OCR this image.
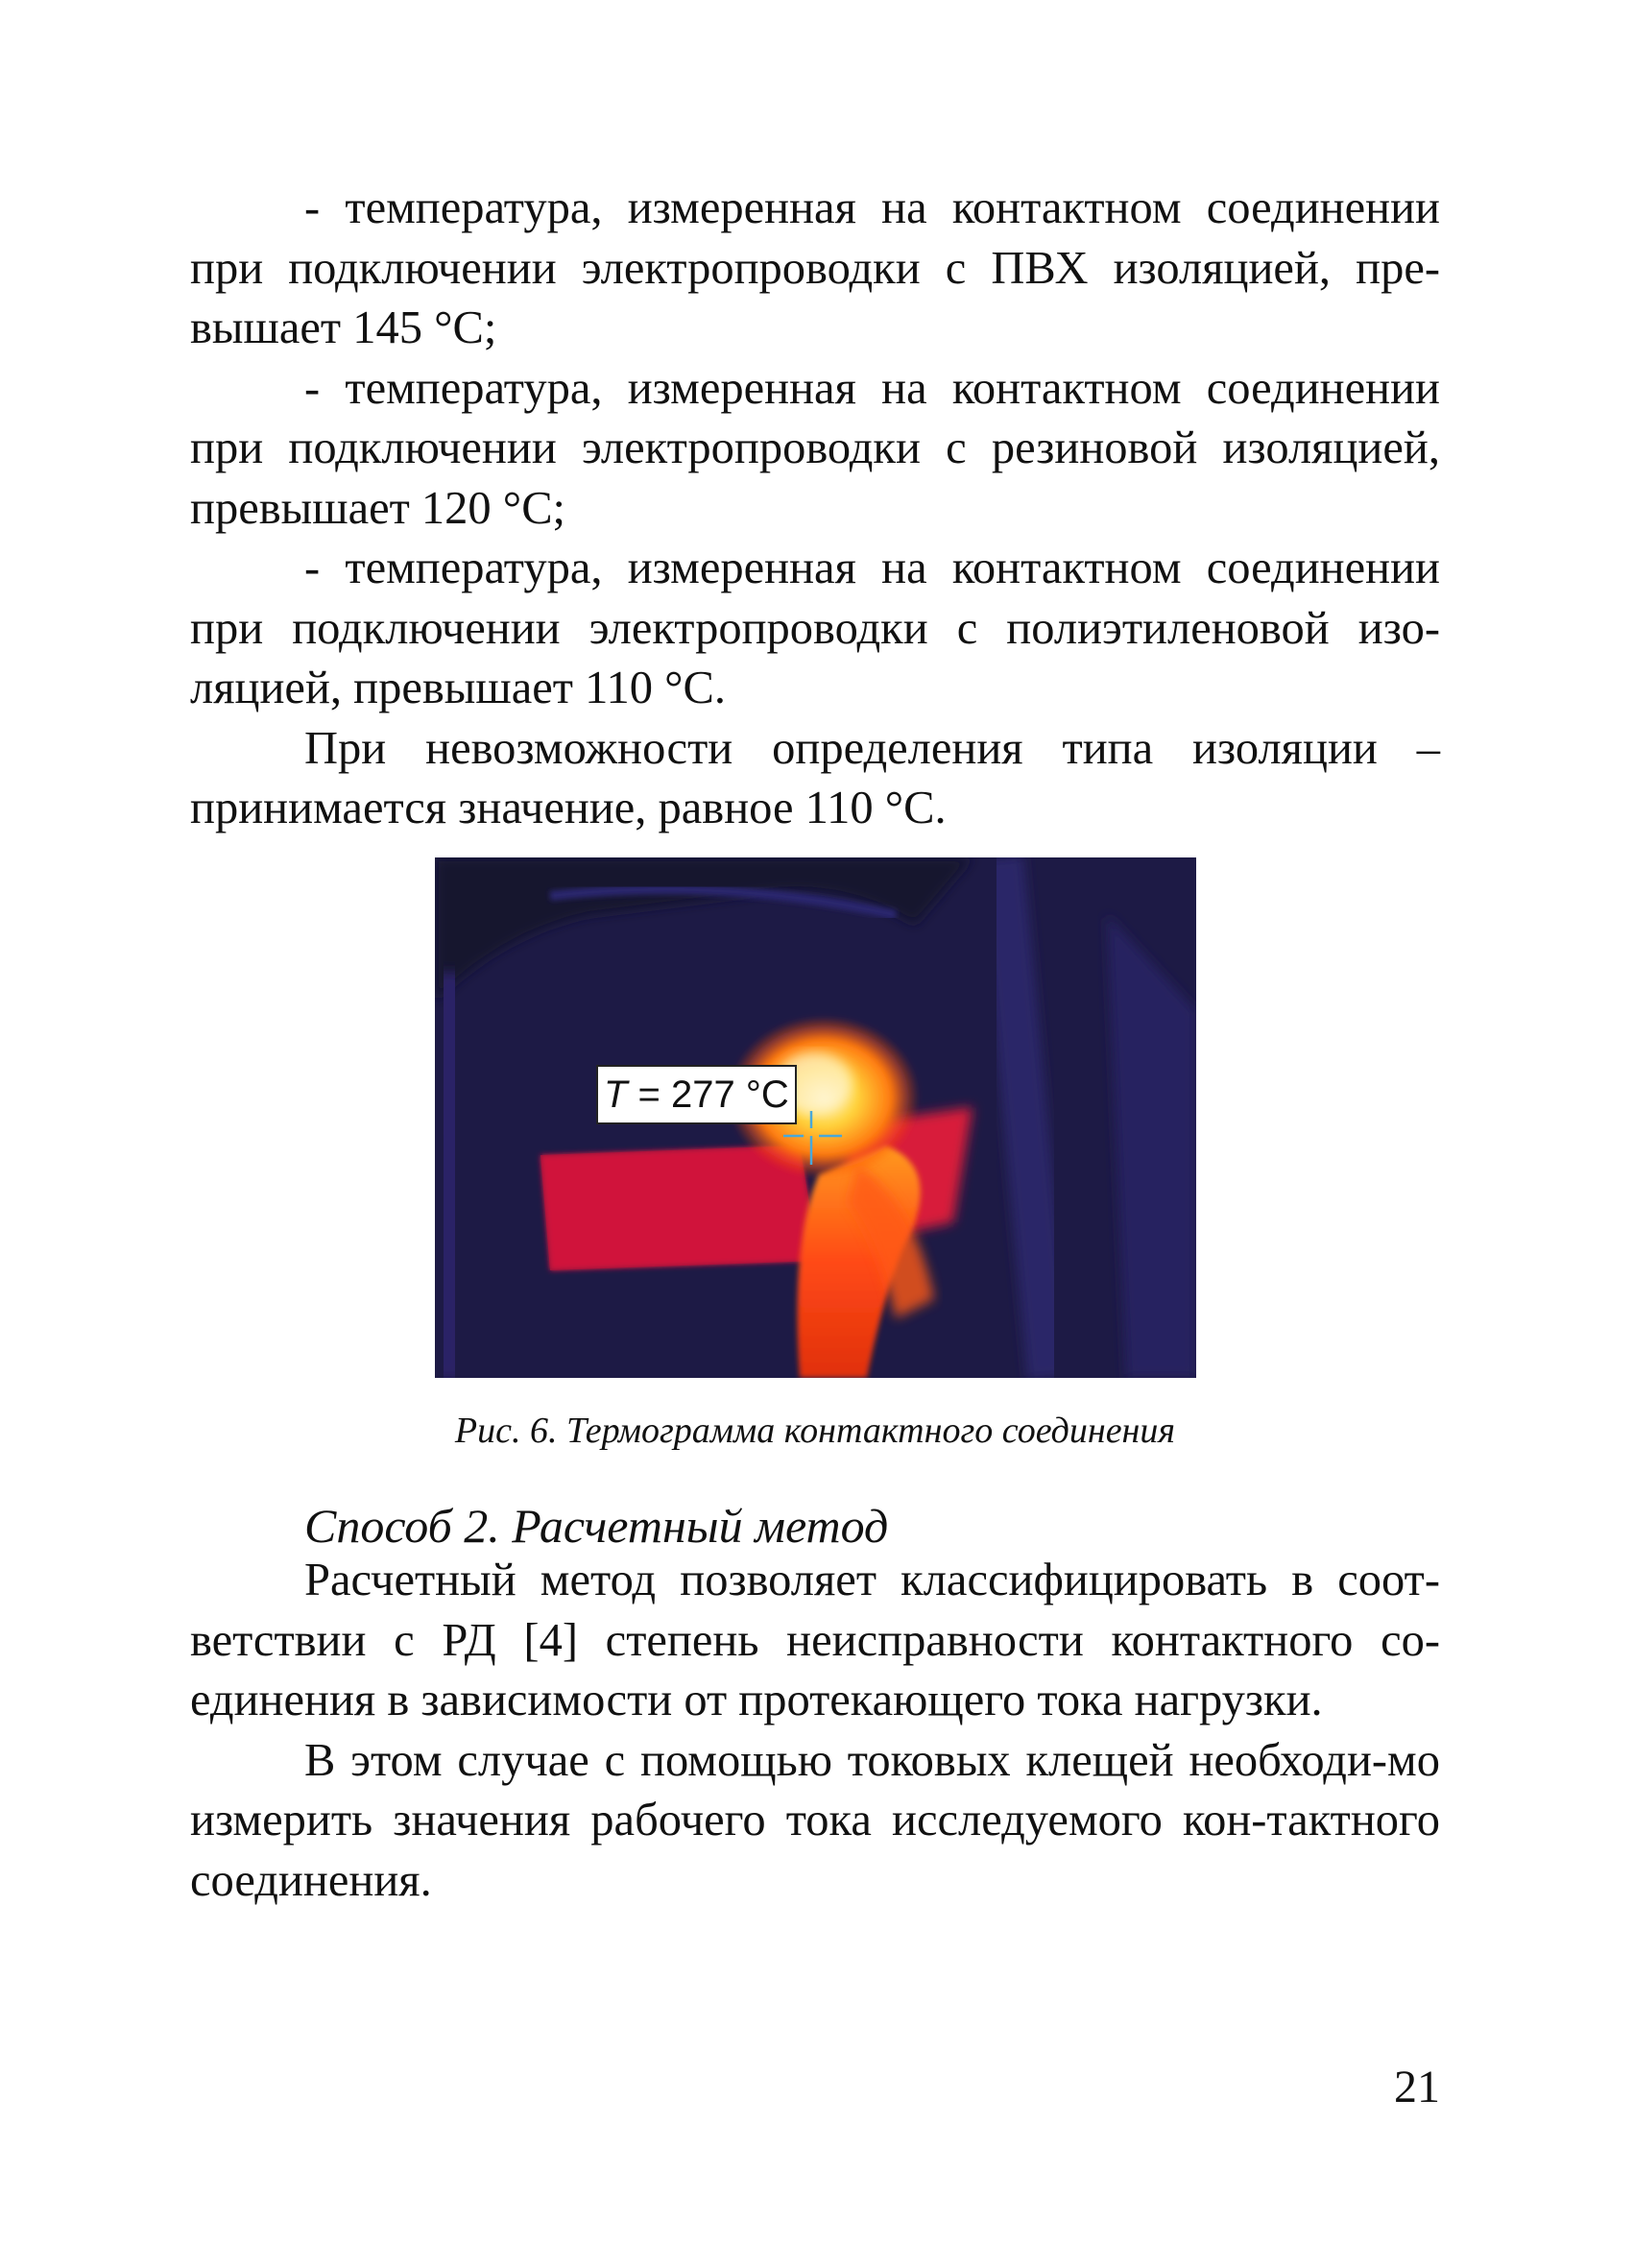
- температура, измеренная на контактном соединении при подключении электропроводки с ПВХ изоляцией, пре-вышает 145 °С;

- температура, измеренная на контактном соединении при подключении электропроводки с резиновой изоляцией, превышает 120 °С;

- температура, измеренная на контактном соединении при подключении электропроводки с полиэтиленовой изо-ляцией, превышает 110 °С.

При невозможности определения типа изоляции – принимается значение, равное 110 °С.

T = 277 °C

Рис. 6. Термограмма контактного соединения

Способ 2. Расчетный метод

Расчетный метод позволяет классифицировать в соот-ветствии с РД [4] степень неисправности контактного со-единения в зависимости от протекающего тока нагрузки.

В этом случае с помощью токовых клещей необходи-мо измерить значения рабочего тока исследуемого кон-тактного соединения.

21
